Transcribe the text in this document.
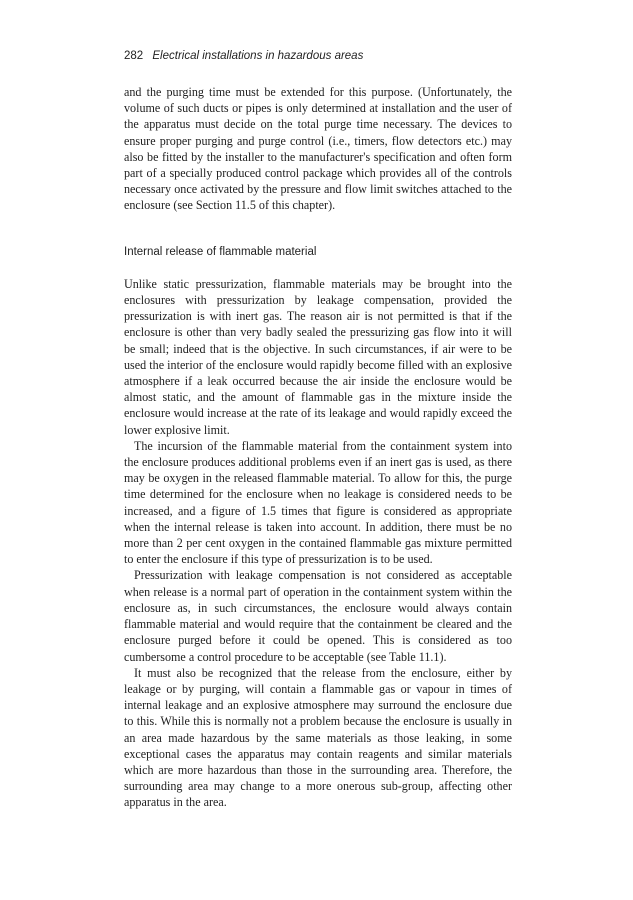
282 Electrical installations in hazardous areas

and the purging time must be extended for this purpose. (Unfortunately, the volume of such ducts or pipes is only determined at installation and the user of the apparatus must decide on the total purge time necessary. The devices to ensure proper purging and purge control (i.e., timers, flow detectors etc.) may also be fitted by the installer to the manufacturer's specification and often form part of a specially produced control package which provides all of the controls necessary once activated by the pressure and flow limit switches attached to the enclosure (see Section 11.5 of this chapter).

Internal release of flammable material

Unlike static pressurization, flammable materials may be brought into the enclosures with pressurization by leakage compensation, provided the pressurization is with inert gas. The reason air is not permitted is that if the enclosure is other than very badly sealed the pressurizing gas flow into it will be small; indeed that is the objective. In such circumstances, if air were to be used the interior of the enclosure would rapidly become filled with an explosive atmosphere if a leak occurred because the air inside the enclosure would be almost static, and the amount of flammable gas in the mixture inside the enclosure would increase at the rate of its leakage and would rapidly exceed the lower explosive limit.

The incursion of the flammable material from the containment system into the enclosure produces additional problems even if an inert gas is used, as there may be oxygen in the released flammable material. To allow for this, the purge time determined for the enclosure when no leakage is considered needs to be increased, and a figure of 1.5 times that figure is considered as appropriate when the internal release is taken into account. In addition, there must be no more than 2 per cent oxygen in the contained flammable gas mixture permitted to enter the enclosure if this type of pressurization is to be used.

Pressurization with leakage compensation is not considered as acceptable when release is a normal part of operation in the containment system within the enclosure as, in such circumstances, the enclosure would always contain flammable material and would require that the containment be cleared and the enclosure purged before it could be opened. This is considered as too cumbersome a control procedure to be acceptable (see Table 11.1).

It must also be recognized that the release from the enclosure, either by leakage or by purging, will contain a flammable gas or vapour in times of internal leakage and an explosive atmosphere may surround the enclosure due to this. While this is normally not a problem because the enclosure is usually in an area made hazardous by the same materials as those leaking, in some exceptional cases the apparatus may contain reagents and similar materials which are more hazardous than those in the surrounding area. Therefore, the surrounding area may change to a more onerous sub-group, affecting other apparatus in the area.
